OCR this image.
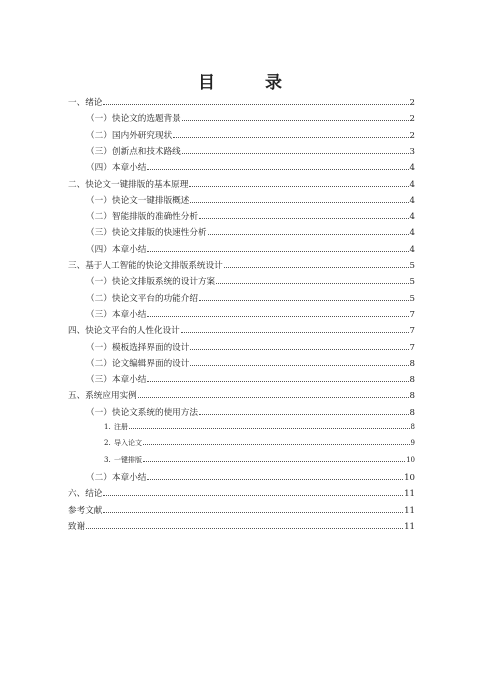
目 录
一、绪论	2
（一） 快论文的选题背景	2
（二） 国内外研究现状	2
（三） 创新点和技术路线	3
（四） 本章小结	4
二、快论文一键排版的基本原理	4
（一） 快论文一键排版概述	4
（二） 智能排版的准确性分析	4
（三） 快论文排版的快速性分析	4
（四） 本章小结	4
三、基于人工智能的快论文排版系统设计	5
（一） 快论文排版系统的设计方案	5
（二） 快论文平台的功能介绍	5
（三） 本章小结	7
四、快论文平台的人性化设计	7
（一） 模板选择界面的设计	7
（二） 论文编辑界面的设计	8
（三） 本章小结	8
五、系统应用实例	8
（一） 快论文系统的使用方法	8
1. 注册	8
2. 导入论文	9
3. 一键排版	10
（二） 本章小结	10
六、结论	11
参考文献	11
致谢	11
